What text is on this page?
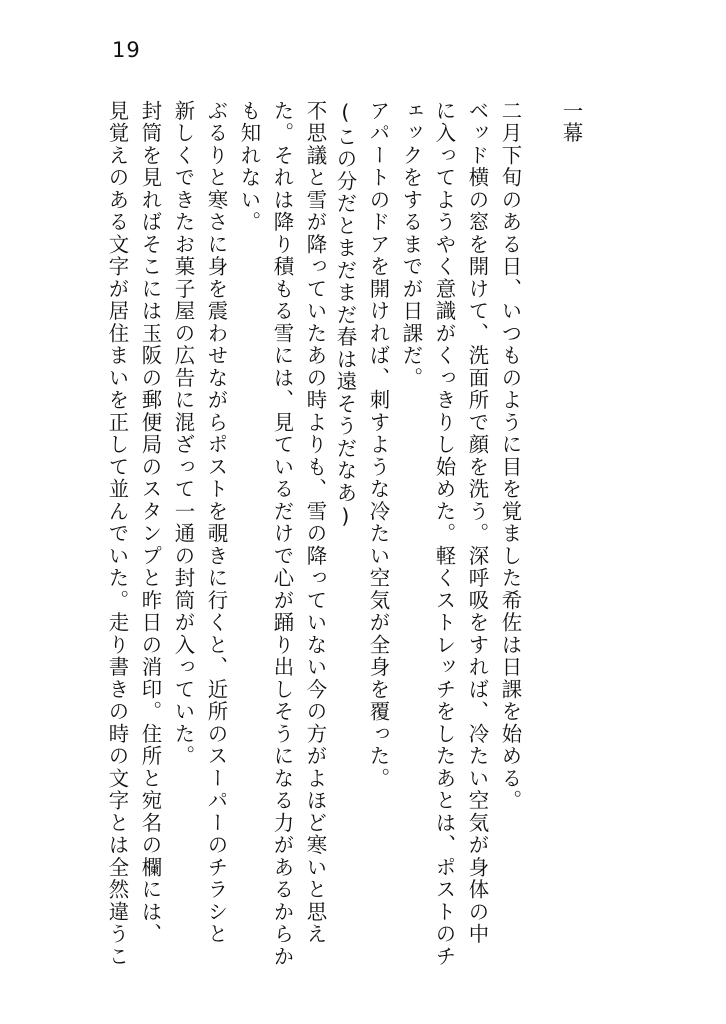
19
一幕
二月下旬のある日、いつものように目を覚ました希佐は日課を始める。
ベッド横の窓を開けて、洗面所で顔を洗う。深呼吸をすれば、冷たい空気が身体の中
に入ってようやく意識がくっきりし始めた。軽くストレッチをしたあとは、ポストのチ
ェックをするまでが日課だ。
アパートのドアを開ければ、刺すような冷たい空気が全身を覆った。
(この分だとまだまだ春は遠そうだなあ)
不思議と雪が降っていたあの時よりも、雪の降っていない今の方がよほど寒いと思え
た。それは降り積もる雪には、見ているだけで心が踊り出しそうになる力があるからか
も知れない。
ぶるりと寒さに身を震わせながらポストを覗きに行くと、近所のスーパーのチラシと
新しくできたお菓子屋の広告に混ざって一通の封筒が入っていた。
封筒を見ればそこには玉阪の郵便局のスタンプと昨日の消印。住所と宛名の欄には、
見覚えのある文字が居住まいを正して並んでいた。走り書きの時の文字とは全然違うこ
